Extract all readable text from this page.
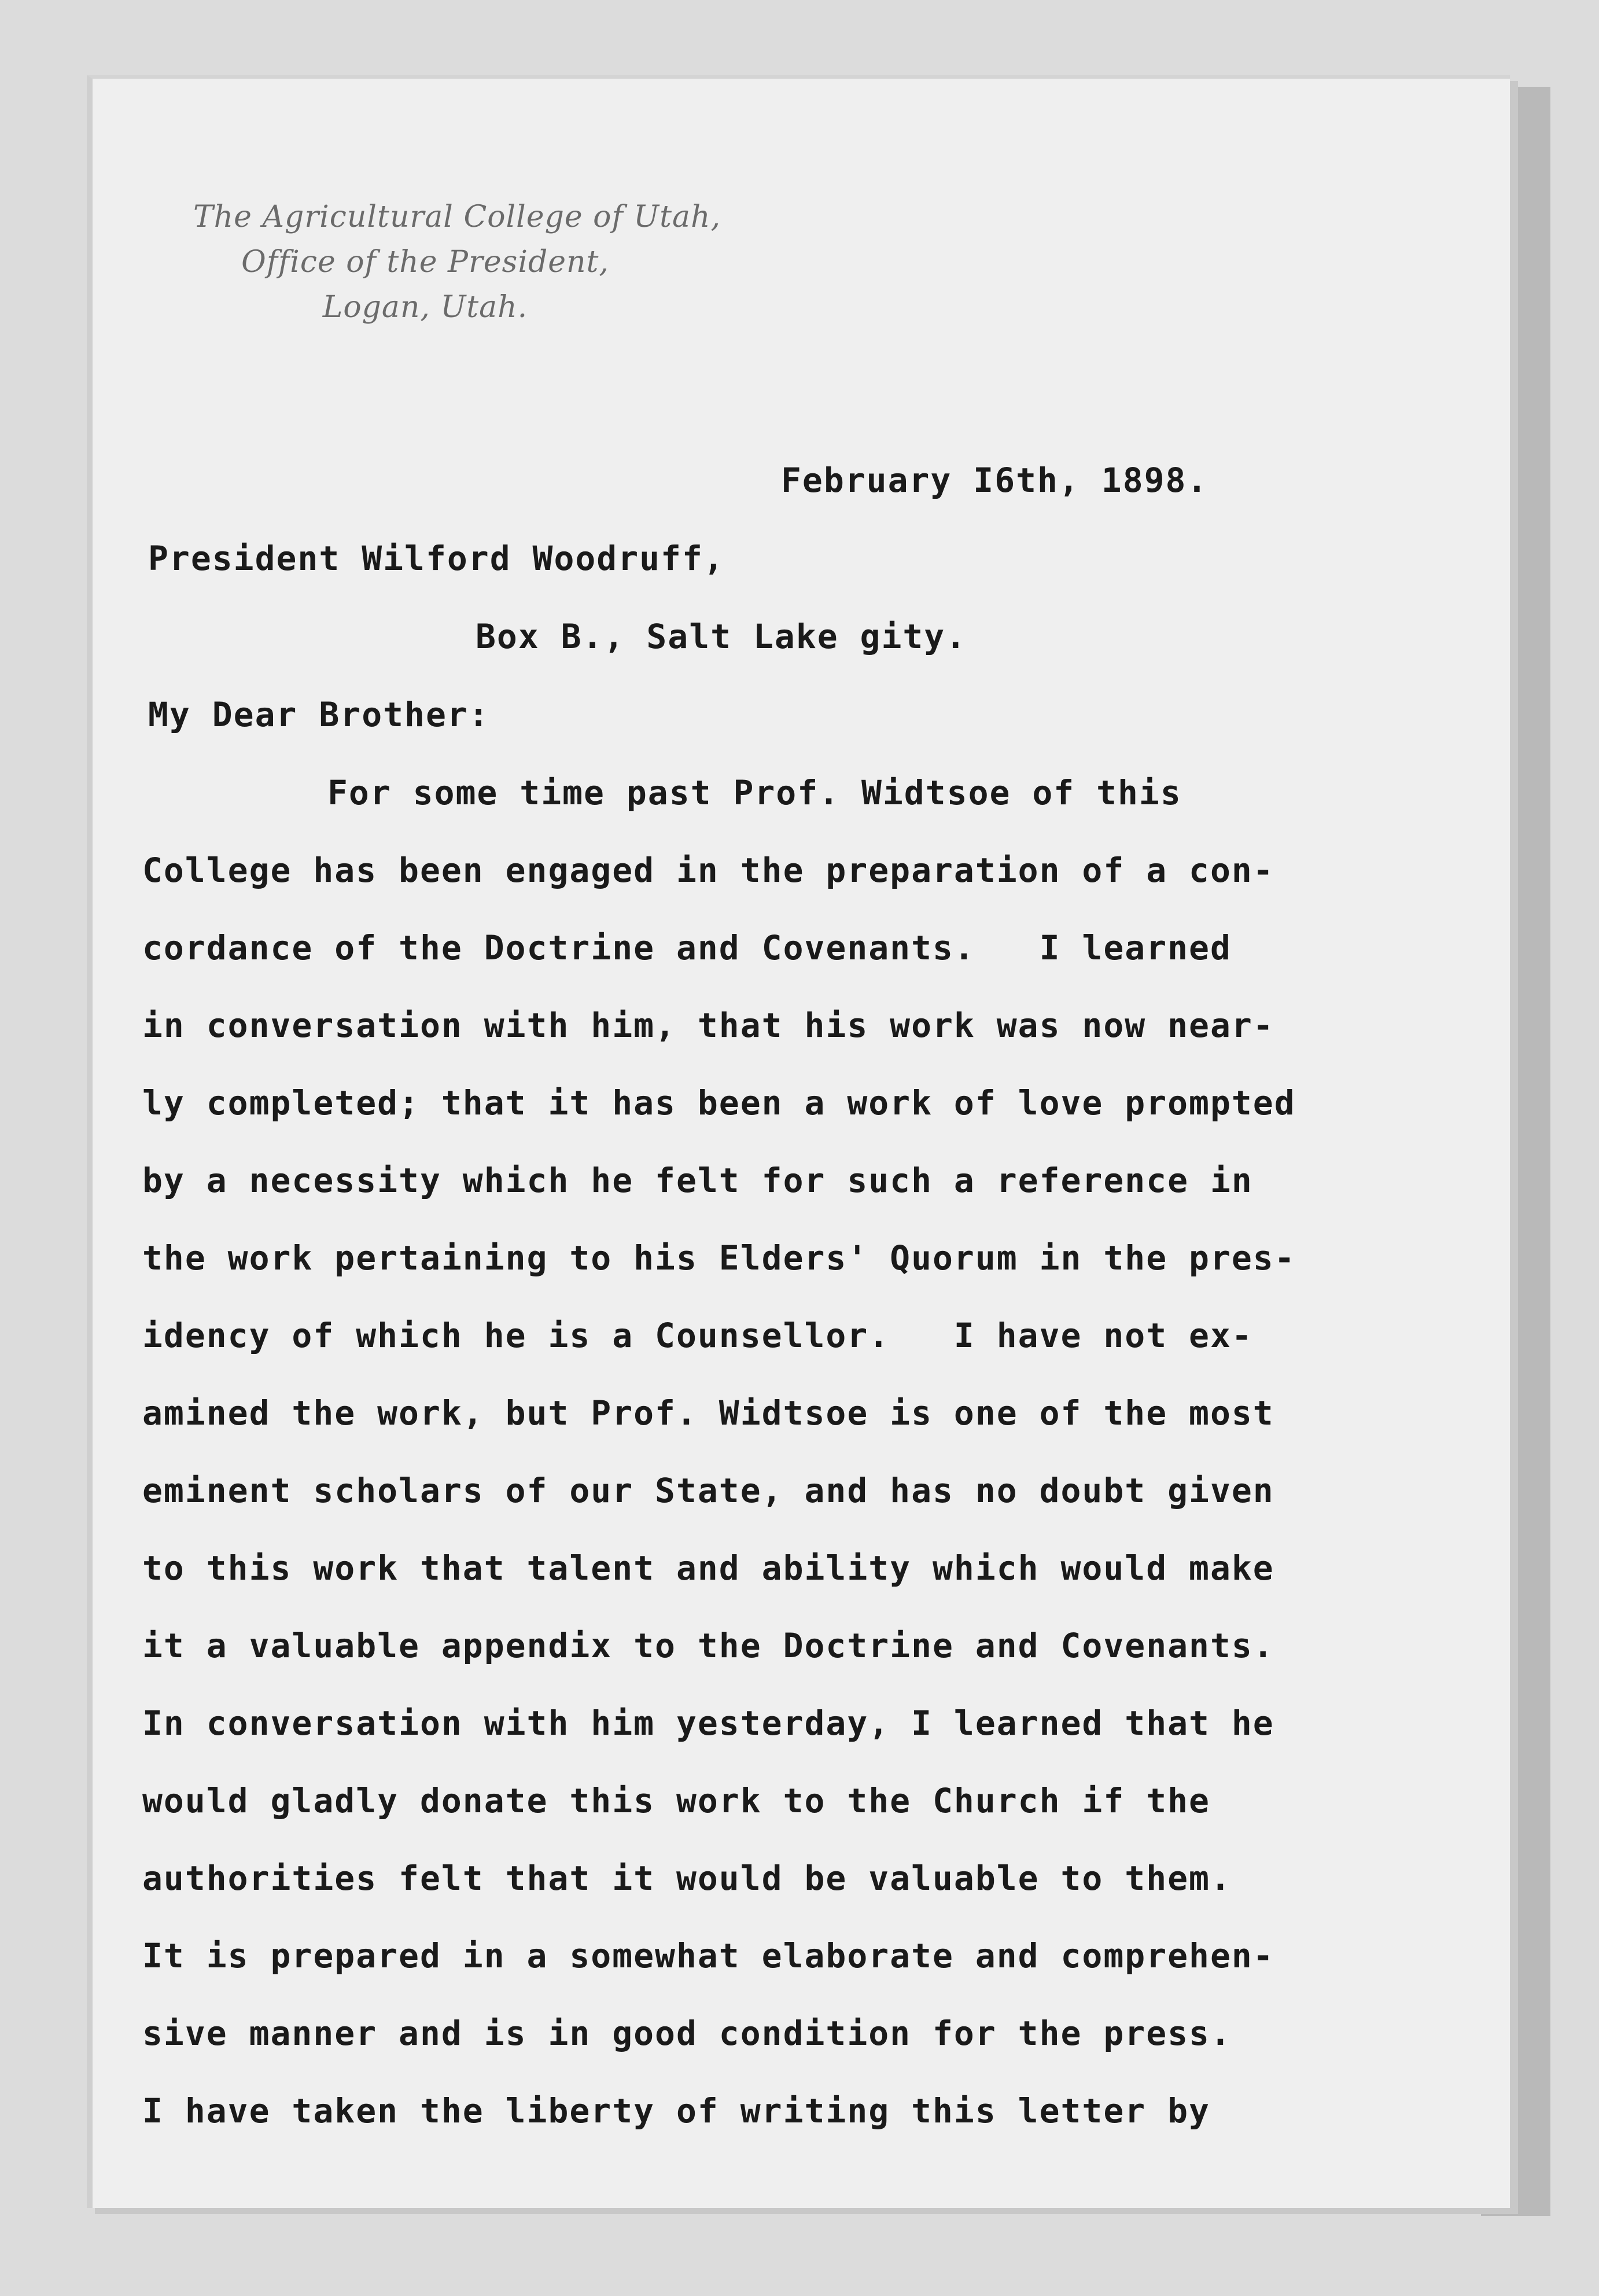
The Agricultural College of Utah,
Office of the President,
Logan, Utah.
February I6th, 1898.
President Wilford Woodruff,
Box B., Salt Lake gity.
My Dear Brother:
For some time past Prof. Widtsoe of this
College has been engaged in the preparation of a con-
cordance of the Doctrine and Covenants.   I learned
in conversation with him, that his work was now near-
ly completed; that it has been a work of love prompted
by a necessity which he felt for such a reference in
the work pertaining to his Elders' Quorum in the pres-
idency of which he is a Counsellor.   I have not ex-
amined the work, but Prof. Widtsoe is one of the most
eminent scholars of our State, and has no doubt given
to this work that talent and ability which would make
it a valuable appendix to the Doctrine and Covenants.
In conversation with him yesterday, I learned that he
would gladly donate this work to the Church if the
authorities felt that it would be valuable to them.
It is prepared in a somewhat elaborate and comprehen-
sive manner and is in good condition for the press.
I have taken the liberty of writing this letter by
